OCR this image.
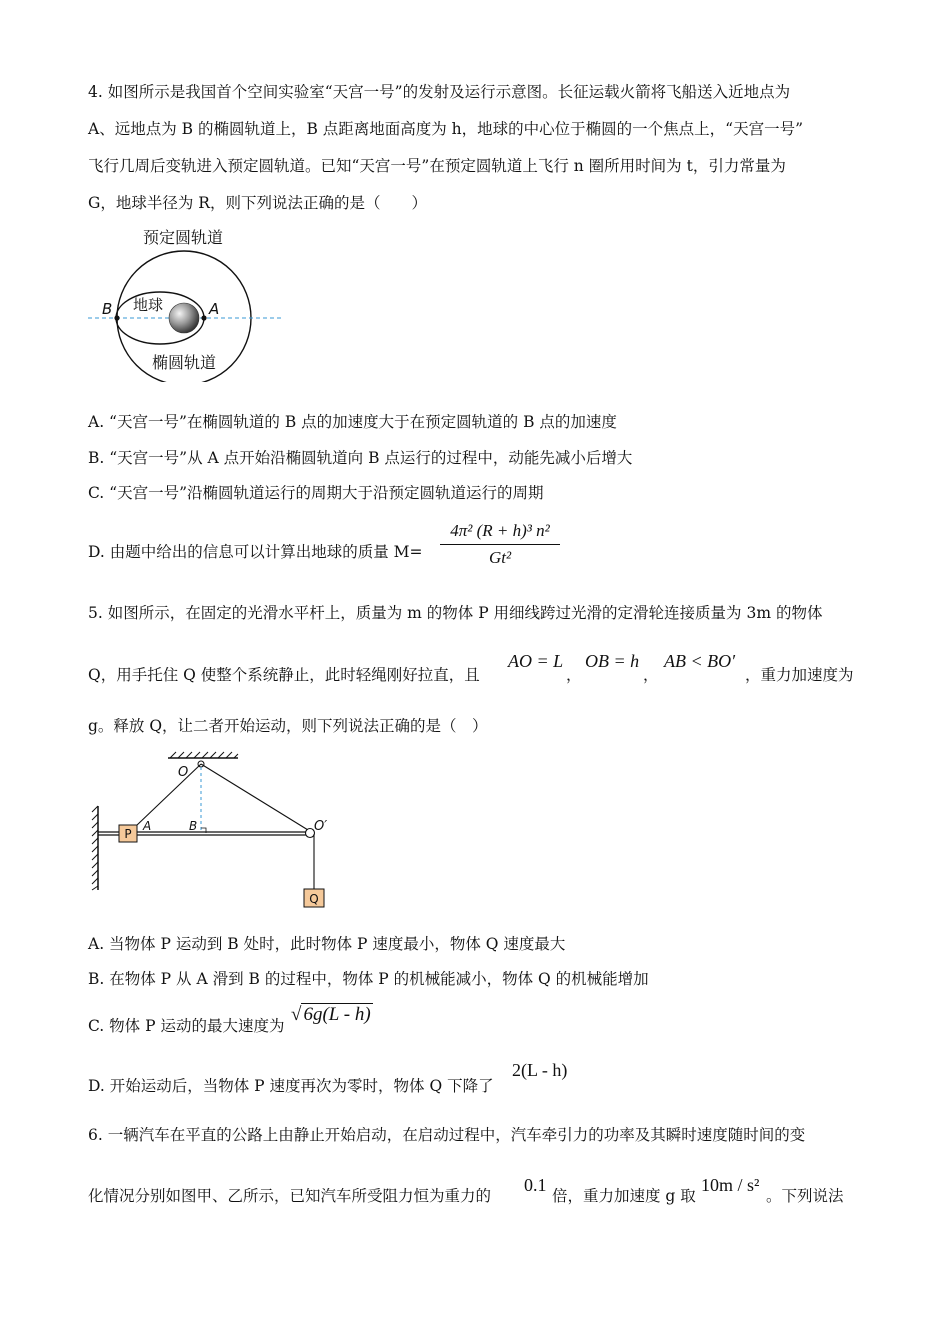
4. 如图所示是我国首个空间实验室“天宫一号”的发射及运行示意图。长征运载火箭将飞船送入近地点为
A、远地点为 B 的椭圆轨道上，B 点距离地面高度为 h，地球的中心位于椭圆的一个焦点上，“天宫一号”
飞行几周后变轨进入预定圆轨道。已知“天宫一号”在预定圆轨道上飞行 n 圈所用时间为 t，引力常量为
G，地球半径为 R，则下列说法正确的是（　　）
预定圆轨道
B	A
地球
椭圆轨道
A. “天宫一号”在椭圆轨道的 B 点的加速度大于在预定圆轨道的 B 点的加速度
B. “天宫一号”从 A 点开始沿椭圆轨道向 B 点运行的过程中，动能先减小后增大
C. “天宫一号”沿椭圆轨道运行的周期大于沿预定圆轨道运行的周期
D. 由题中给出的信息可以计算出地球的质量 M=
4π² (R + h)³ n²
Gt²
5. 如图所示，在固定的光滑水平杆上，质量为 m 的物体 P 用细线跨过光滑的定滑轮连接质量为 3m 的物体
Q，用手托住 Q 使整个系统静止，此时轻绳刚好拉直，且
AO = L
，
OB = h
，
AB < BO′
，重力加速度为
g。释放 Q，让二者开始运动，则下列说法正确的是（　）
P
Q
O
O′
A	B
A. 当物体 P 运动到 B 处时，此时物体 P 速度最小，物体 Q 速度最大
B. 在物体 P 从 A 滑到 B 的过程中，物体 P 的机械能减小，物体 Q 的机械能增加
C. 物体 P 运动的最大速度为
√ 6g(L - h)
D. 开始运动后，当物体 P 速度再次为零时，物体 Q 下降了
2(L - h)
6. 一辆汽车在平直的公路上由静止开始启动，在启动过程中，汽车牵引力的功率及其瞬时速度随时间的变
化情况分别如图甲、乙所示，已知汽车所受阻力恒为重力的
0.1
倍，重力加速度 g 取
10m / s²
。下列说法
